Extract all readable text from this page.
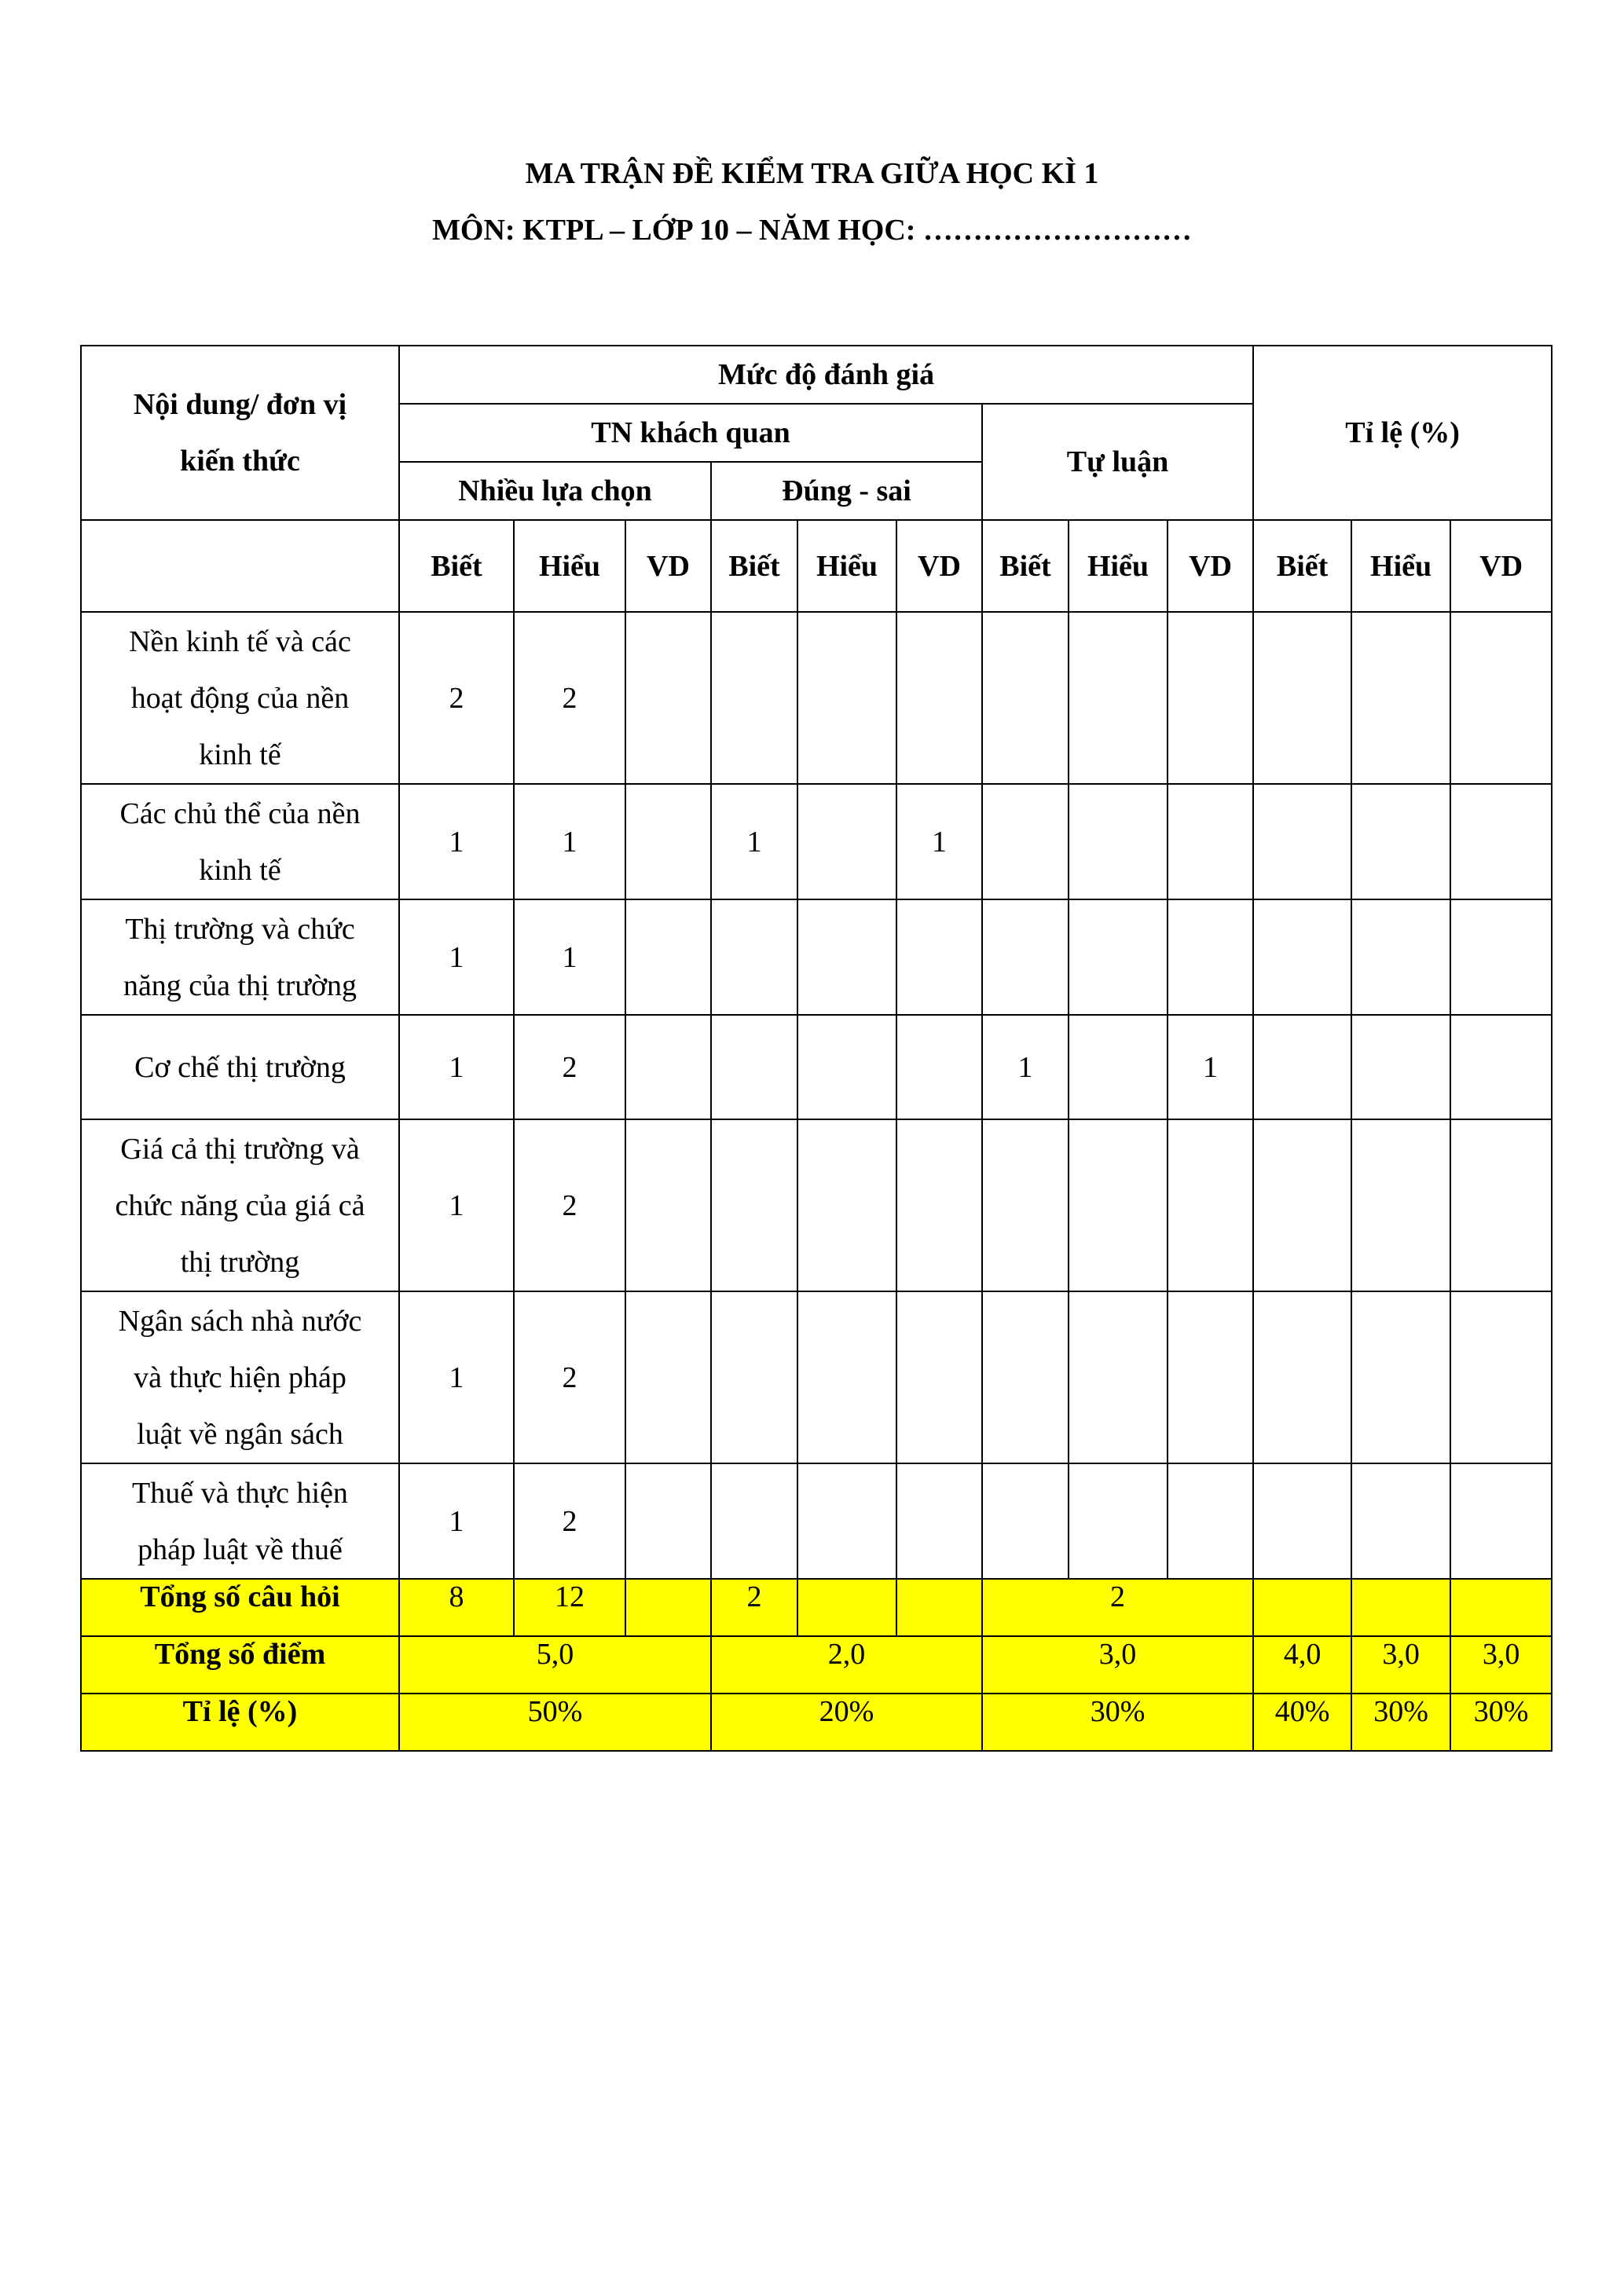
MA TRẬN ĐỀ KIỂM TRA GIỮA HỌC KÌ 1
MÔN: KTPL – LỚP 10 – NĂM HỌC: ………………………
Nội dung/ đơn vị kiến thức	Mức độ đánh giá									Tỉ lệ (%)		
	TN khách quan						Tự luận					
	Nhiều lựa chọn			Đúng - sai								
	Biết	Hiểu	VD	Biết	Hiểu	VD	Biết	Hiểu	VD	Biết	Hiểu	VD

Nền kinh tế và các
hoạt động của nền
kinh tế	2	2										

Các chủ thể của nền
kinh tế	1	1		1		1						

Thị trường và chức
năng của thị trường	1	1										

Cơ chế thị trường	1	2					1		1			

Giá cả thị trường và
chức năng của giá cả
thị trường	1	2										

Ngân sách nhà nước
và thực hiện pháp
luật về ngân sách	1	2										

Thuế và thực hiện
pháp luật về thuế	1	2										
Tổng số câu hỏi	8	12		2			2					
Tổng số điểm	5,0			2,0			3,0			4,0	3,0	3,0
Tỉ lệ (%)	50%			20%			30%			40%	30%	30%
